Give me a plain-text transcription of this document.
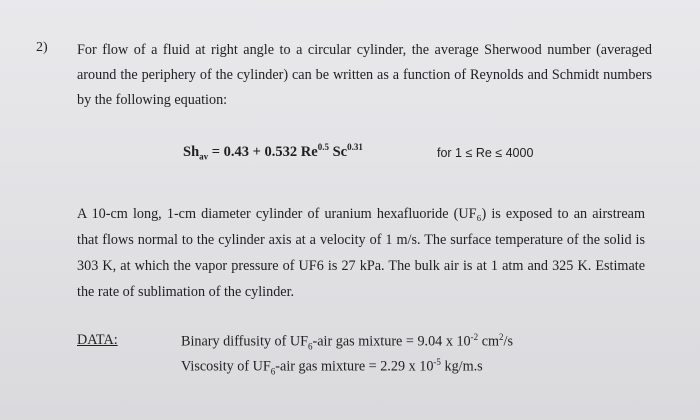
2) For flow of a fluid at right angle to a circular cylinder, the average Sherwood number (averaged around the periphery of the cylinder) can be written as a function of Reynolds and Schmidt numbers by the following equation:
$Sh_{av} = 0.43 + 0.532$ $Re^{0.5}$ $Sc^{0.31}$	for 1 ≤ Re ≤ 4000
A 10-cm long, 1-cm diameter cylinder of uranium hexafluoride (UF₆) is exposed to an airstream that flows normal to the cylinder axis at a velocity of 1 m/s. The surface temperature of the solid is 303 K, at which the vapor pressure of UF6 is 27 kPa. The bulk air is at 1 atm and 325 K. Estimate the rate of sublimation of the cylinder.
DATA:	Binary diffusity of $UF_6$-air gas mixture = 9.04 x $10^{-2}$ $cm^2/s$
Viscosity of $UF_6$-air gas mixture = 2.29 x $10^{-5}$ kg/m.s
